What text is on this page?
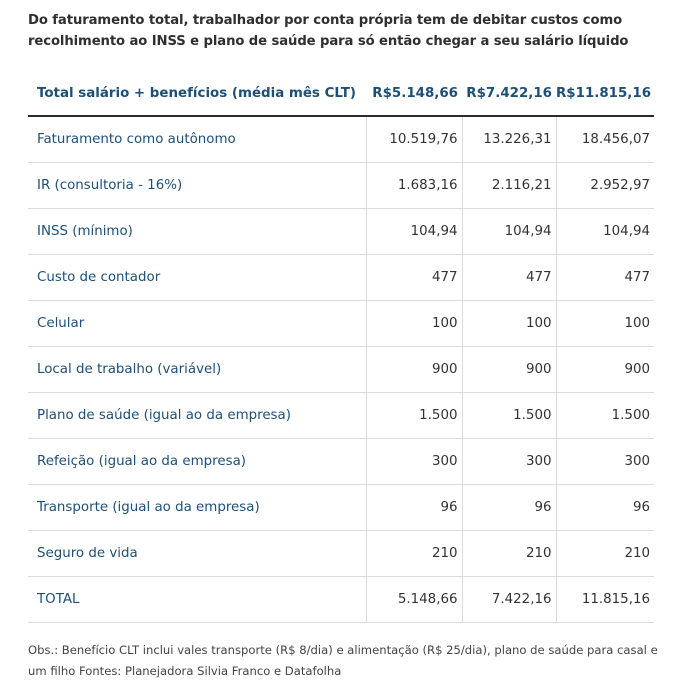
Do faturamento total, trabalhador por conta própria tem de debitar custos como recolhimento ao INSS e plano de saúde para só então chegar a seu salário líquido
Total salário + benefícios (média mês CLT)	R$5.148,66	R$7.422,16	R$11.815,16
Faturamento como autônomo	10.519,76	13.226,31	18.456,07
IR (consultoria - 16%)	1.683,16	2.116,21	2.952,97
INSS (mínimo)	104,94	104,94	104,94
Custo de contador	477	477	477
Celular	100	100	100
Local de trabalho (variável)	900	900	900
Plano de saúde (igual ao da empresa)	1.500	1.500	1.500
Refeição (igual ao da empresa)	300	300	300
Transporte (igual ao da empresa)	96	96	96
Seguro de vida	210	210	210
TOTAL	5.148,66	7.422,16	11.815,16
Obs.: Benefício CLT inclui vales transporte (R$ 8/dia) e alimentação (R$ 25/dia), plano de saúde para casal e um filho Fontes: Planejadora Silvia Franco e Datafolha
